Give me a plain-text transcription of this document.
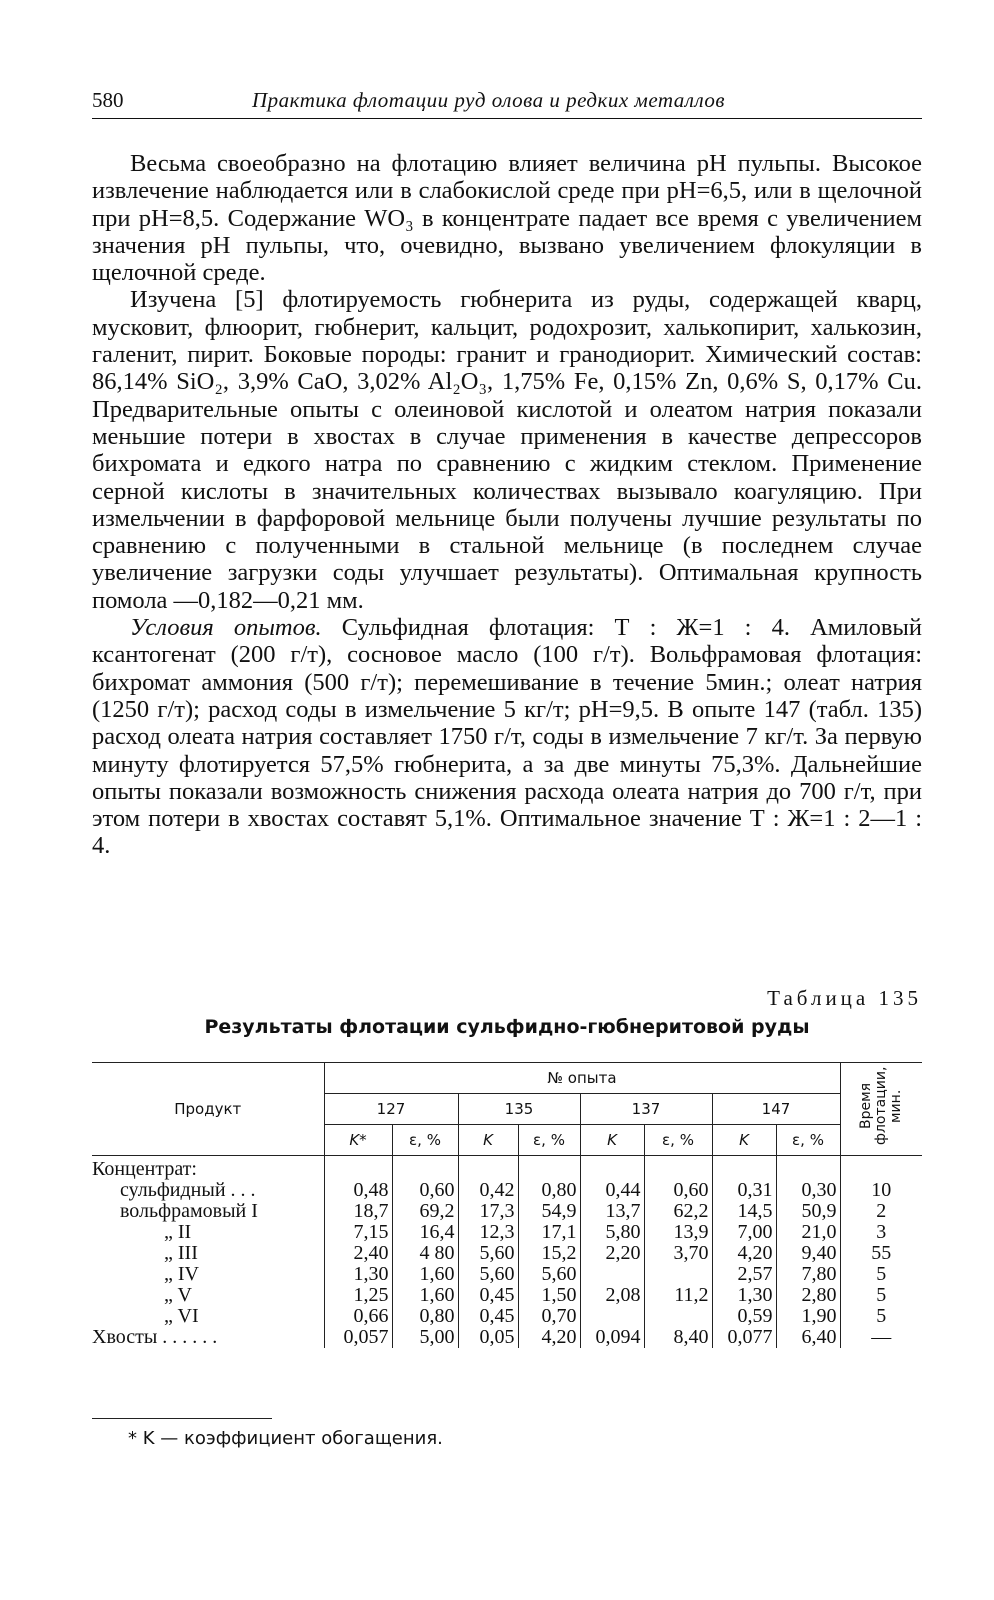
580	Практика флотации руд олова и редких металлов

Весьма своеобразно на флотацию влияет величина pH пульпы. Высокое извлечение наблюдается или в слабокислой среде при pH=6,5, или в щелочной при pH=8,5. Содержание WO₃ в концентрате падает все время с увеличением значения pH пульпы, что, очевидно, вызвано увеличением флокуляции в щелочной среде.

Изучена [5] флотируемость гюбнерита из руды, содержащей кварц, мусковит, флюорит, гюбнерит, кальцит, родохрозит, халькопирит, халькозин, галенит, пирит. Боковые породы: гранит и гранодиорит. Химический состав: 86,14% SiO₂, 3,9% CaO, 3,02% Al₂O₃, 1,75% Fe, 0,15% Zn, 0,6% S, 0,17% Cu. Предварительные опыты с олеиновой кислотой и олеатом натрия показали меньшие потери в хвостах в случае применения в качестве депрессоров бихромата и едкого натра по сравнению с жидким стеклом. Применение серной кислоты в значительных количествах вызывало коагуляцию. При измельчении в фарфоровой мельнице были получены лучшие результаты по сравнению с полученными в стальной мельнице (в последнем случае увеличение загрузки соды улучшает результаты). Оптимальная крупность помола —0,182—0,21 мм.

Условия опытов. Сульфидная флотация: Т : Ж=1 : 4. Амиловый ксантогенат (200 г/т), сосновое масло (100 г/т). Вольфрамовая флотация: бихромат аммония (500 г/т); перемешивание в течение 5мин.; олеат натрия (1250 г/т); расход соды в измельчение 5 кг/т; pH=9,5. В опыте 147 (табл. 135) расход олеата натрия составляет 1750 г/т, соды в измельчение 7 кг/т. За первую минуту флотируется 57,5% гюбнерита, а за две минуты 75,3%. Дальнейшие опыты показали возможность снижения расхода олеата натрия до 700 г/т, при этом потери в хвостах составят 5,1%. Оптимальное значение Т : Ж=1 : 2—1 : 4.

Таблица 135
Результаты флотации сульфидно-гюбнеритовой руды
Продукт	№ опыта								Время флотации, мин.
	127		135		137		147		
	K*	ε, %	K	ε, %	K	ε, %	K	ε, %	
Концентрат:									
сульфидный . . .	0,48	0,60	0,42	0,80	0,44	0,60	0,31	0,30	10
вольфрамовый I	18,7	69,2	17,3	54,9	13,7	62,2	14,5	50,9	2
„ II	7,15	16,4	12,3	17,1	5,80	13,9	7,00	21,0	3
„ III	2,40	4 80	5,60	15,2	2,20	3,70	4,20	9,40	55
„ IV	1,30	1,60	5,60	5,60			2,57	7,80	5
„ V	1,25	1,60	0,45	1,50	2,08	11,2	1,30	2,80	5
„ VI	0,66	0,80	0,45	0,70			0,59	1,90	5
Хвосты . . . . . .	0,057	5,00	0,05	4,20	0,094	8,40	0,077	6,40	—
* K — коэффициент обогащения.
